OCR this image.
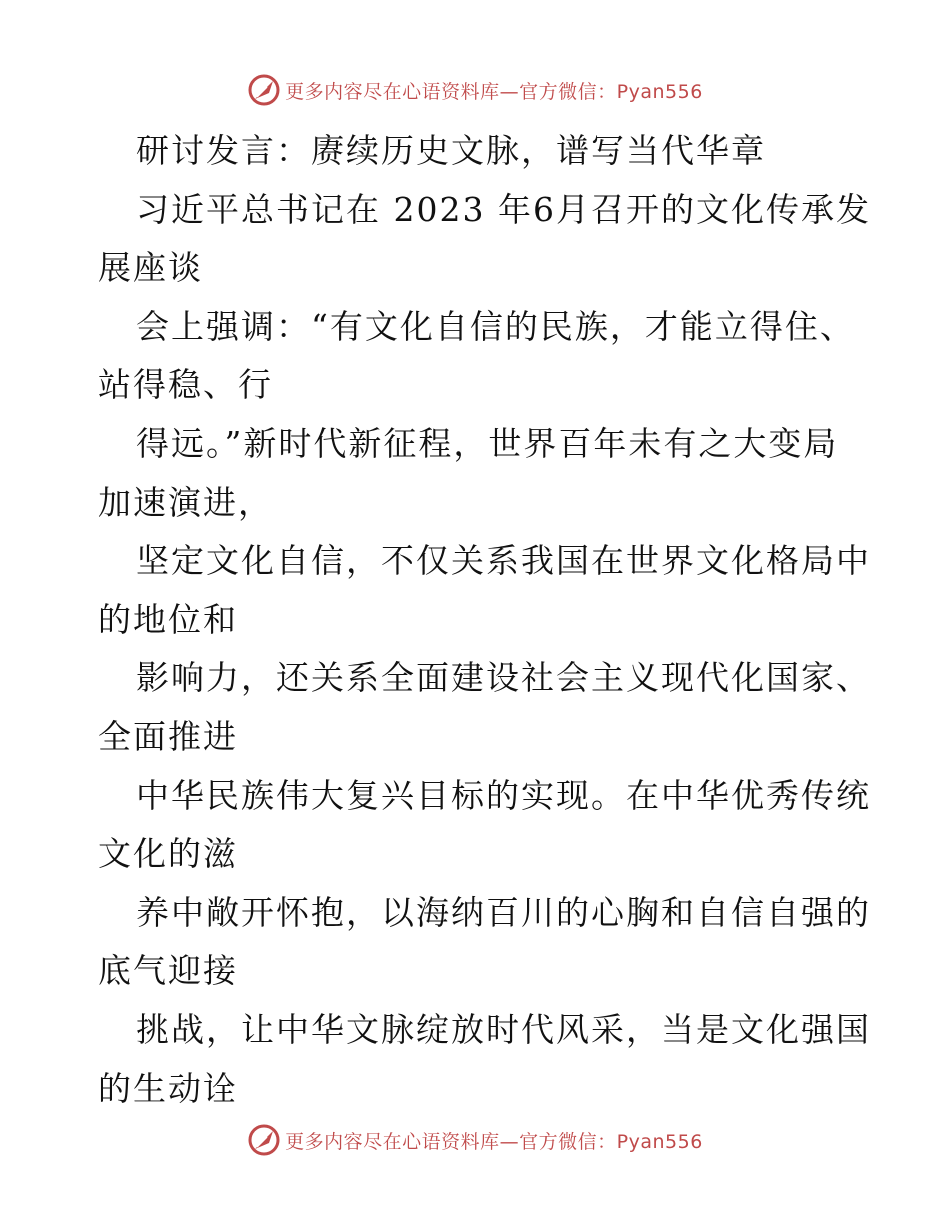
更多内容尽在心语资料库—官方微信：Pyan556
研讨发言：赓续历史文脉，谱写当代华章
习近平总书记在 2023 年6月召开的文化传承发
展座谈
会上强调：“有文化自信的民族，才能立得住、
站得稳、行
得远。”新时代新征程，世界百年未有之大变局
加速演进，
坚定文化自信，不仅关系我国在世界文化格局中
的地位和
影响力，还关系全面建设社会主义现代化国家、
全面推进
中华民族伟大复兴目标的实现。在中华优秀传统
文化的滋
养中敞开怀抱，以海纳百川的心胸和自信自强的
底气迎接
挑战，让中华文脉绽放时代风采，当是文化强国
的生动诠
更多内容尽在心语资料库—官方微信：Pyan556
